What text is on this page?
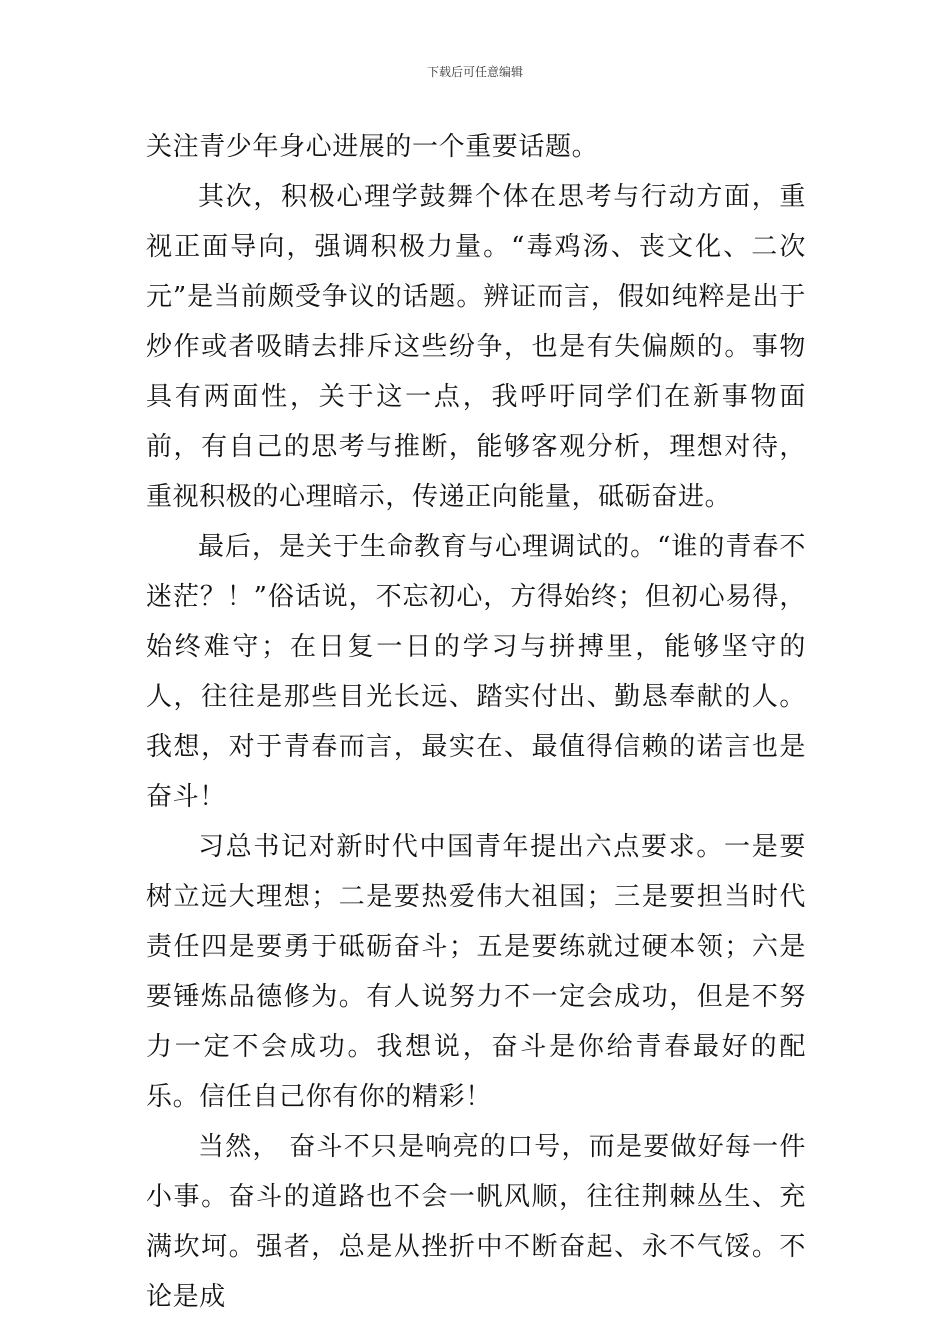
下载后可任意编辑

关注青少年身心进展的一个重要话题。

其次，积极心理学鼓舞个体在思考与行动方面，重视正面导向，强调积极力量。“毒鸡汤、丧文化、二次元”是当前颇受争议的话题。辨证而言，假如纯粹是出于炒作或者吸睛去排斥这些纷争，也是有失偏颇的。事物具有两面性，关于这一点，我呼吁同学们在新事物面前，有自己的思考与推断，能够客观分析，理想对待，重视积极的心理暗示，传递正向能量，砥砺奋进。

最后，是关于生命教育与心理调试的。“谁的青春不迷茫？！”俗话说，不忘初心，方得始终；但初心易得，始终难守；在日复一日的学习与拼搏里，能够坚守的人，往往是那些目光长远、踏实付出、勤恳奉献的人。我想，对于青春而言，最实在、最值得信赖的诺言也是奋斗！

习总书记对新时代中国青年提出六点要求。一是要树立远大理想；二是要热爱伟大祖国；三是要担当时代责任四是要勇于砥砺奋斗；五是要练就过硬本领；六是要锤炼品德修为。有人说努力不一定会成功，但是不努力一定不会成功。我想说，奋斗是你给青春最好的配乐。信任自己你有你的精彩！

当然， 奋斗不只是响亮的口号，而是要做好每一件小事。奋斗的道路也不会一帆风顺，往往荆棘丛生、充满坎坷。强者，总是从挫折中不断奋起、永不气馁。不论是成
